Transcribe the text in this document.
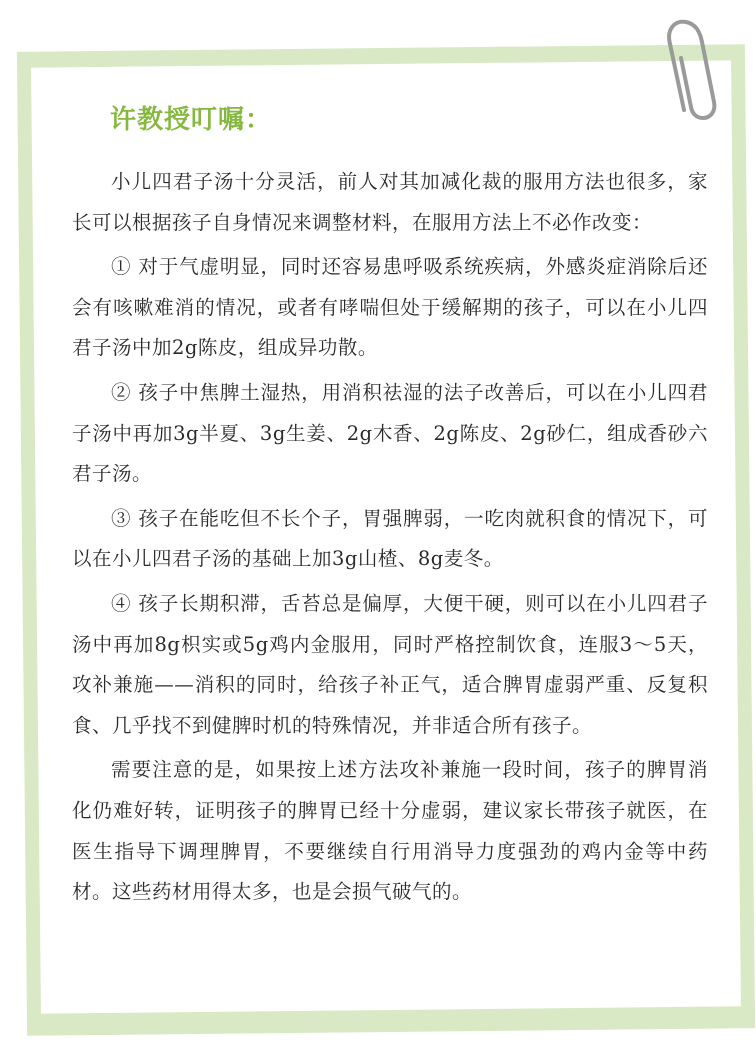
许教授叮嘱：

小儿四君子汤十分灵活，前人对其加减化裁的服用方法也很多，家长可以根据孩子自身情况来调整材料，在服用方法上不必作改变：

① 对于气虚明显，同时还容易患呼吸系统疾病，外感炎症消除后还会有咳嗽难消的情况，或者有哮喘但处于缓解期的孩子，可以在小儿四君子汤中加2g陈皮，组成异功散。

② 孩子中焦脾土湿热，用消积祛湿的法子改善后，可以在小儿四君子汤中再加3g半夏、3g生姜、2g木香、2g陈皮、2g砂仁，组成香砂六君子汤。

③ 孩子在能吃但不长个子，胃强脾弱，一吃肉就积食的情况下，可以在小儿四君子汤的基础上加3g山楂、8g麦冬。

④ 孩子长期积滞，舌苔总是偏厚，大便干硬，则可以在小儿四君子汤中再加8g枳实或5g鸡内金服用，同时严格控制饮食，连服3～5天，攻补兼施——消积的同时，给孩子补正气，适合脾胃虚弱严重、反复积食、几乎找不到健脾时机的特殊情况，并非适合所有孩子。

需要注意的是，如果按上述方法攻补兼施一段时间，孩子的脾胃消化仍难好转，证明孩子的脾胃已经十分虚弱，建议家长带孩子就医，在医生指导下调理脾胃，不要继续自行用消导力度强劲的鸡内金等中药材。这些药材用得太多，也是会损气破气的。
